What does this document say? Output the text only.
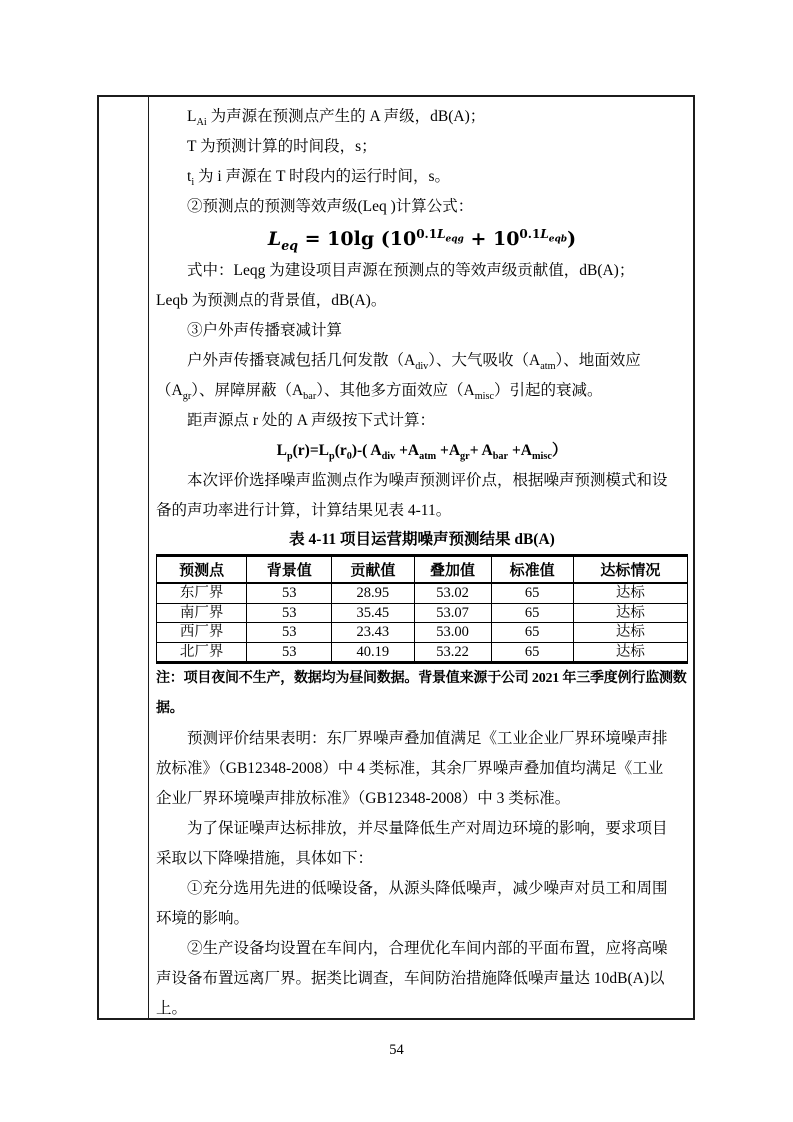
$L_{Ai}$ 为声源在预测点产生的 A 声级，dB(A)；
T 为预测计算的时间段，s；
$t_i$ 为 i 声源在 T 时段内的运行时间，s。
②预测点的预测等效声级(Leq )计算公式：
$L_{eq} = 10\lg$ $(10^{0.1L_{eqg}} + 10^{0.1L_{eqb}})$
式中：Leqg 为建设项目声源在预测点的等效声级贡献值，dB(A)；
Leqb 为预测点的背景值，dB(A)。
③户外声传播衰减计算
户外声传播衰减包括几何发散$(A_{div})$、大气吸收$(A_{atm})$、地面效应
$(A_{gr})$、屏障屏蔽$(A_{bar})$、其他多方面效应$(A_{misc})$引起的衰减。
距声源点 r 处的 A 声级按下式计算：
$L_p(r)=L_p(r_0)-$( $A_{div} +A_{atm} +A_{gr}+ A_{bar} +A_{misc}$）
本次评价选择噪声监测点作为噪声预测评价点，根据噪声预测模式和设
备的声功率进行计算，计算结果见表 4-11。
表 4-11 项目运营期噪声预测结果 dB(A)
预测点	背景值	贡献值	叠加值	标准值	达标情况
东厂界	53	28.95	53.02	65	达标
南厂界	53	35.45	53.07	65	达标
西厂界	53	23.43	53.00	65	达标
北厂界	53	40.19	53.22	65	达标
注：项目夜间不生产，数据均为昼间数据。背景值来源于公司 2021 年三季度例行监测数
据。
预测评价结果表明：东厂界噪声叠加值满足《工业企业厂界环境噪声排
放标准》（GB12348-2008）中 4 类标准，其余厂界噪声叠加值均满足《工业
企业厂界环境噪声排放标准》（GB12348-2008）中 3 类标准。
为了保证噪声达标排放，并尽量降低生产对周边环境的影响，要求项目
采取以下降噪措施，具体如下：
①充分选用先进的低噪设备，从源头降低噪声，减少噪声对员工和周围
环境的影响。
②生产设备均设置在车间内，合理优化车间内部的平面布置，应将高噪
声设备布置远离厂界。据类比调查，车间防治措施降低噪声量达 10dB(A)以
上。
54
